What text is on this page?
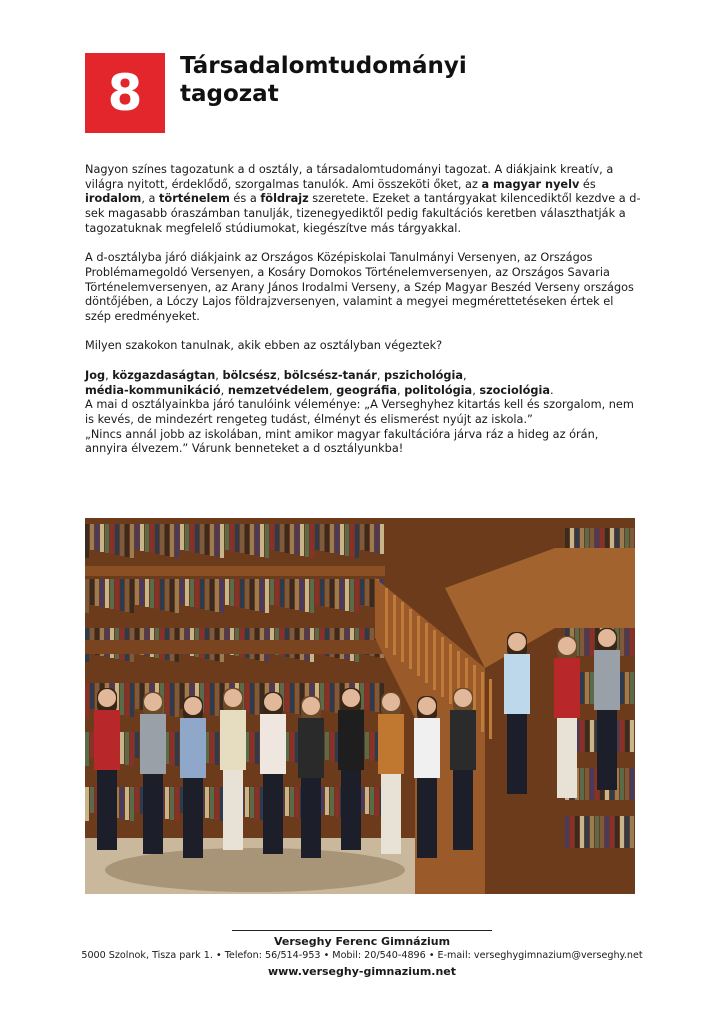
8	Társadalomtudományi
tagozat

Nagyon színes tagozatunk a d osztály, a társadalomtudományi tagozat. A diákjaink kreatív, a világra nyitott, érdeklődő, szorgalmas tanulók. Ami összeköti őket, az a magyar nyelv és irodalom, a történelem és a földrajz szeretete. Ezeket a tantárgyakat kilencediktől kezdve a d-sek magasabb óraszámban tanulják, tizenegyediktől pedig fakultációs keretben választhatják a tagozatuknak megfelelő stúdiumokat, kiegészítve más tárgyakkal.

A d-osztályba járó diákjaink az Országos Középiskolai Tanulmányi Versenyen, az Országos Problémamegoldó Versenyen, a Kosáry Domokos Történelemversenyen, az Országos Savaria Történelemversenyen, az Arany János Irodalmi Verseny, a Szép Magyar Beszéd Verseny országos döntőjében, a Lóczy Lajos földrajzversenyen, valamint a megyei megmérettetéseken értek el szép eredményeket.

Milyen szakokon tanulnak, akik ebben az osztályban végeztek?

Jog, közgazdaságtan, bölcsész, bölcsész-tanár, pszichológia,
média-kommunikáció, nemzetvédelem, geográfia, politológia, szociológia.
A mai d osztályainkba járó tanulóink véleménye: „A Verseghyhez kitartás kell és szorgalom, nem is kevés, de mindezért rengeteg tudást, élményt és elismerést nyújt az iskola.”
„Nincs annál jobb az iskolában, mint amikor magyar fakultációra járva ráz a hideg az órán, annyira élvezem.” Várunk benneteket a d osztályunkba!

Verseghy Ferenc Gimnázium
5000 Szolnok, Tisza park 1. • Telefon: 56/514-953 • Mobil: 20/540-4896 • E-mail: verseghygimnazium@verseghy.net
www.verseghy-gimnazium.net
